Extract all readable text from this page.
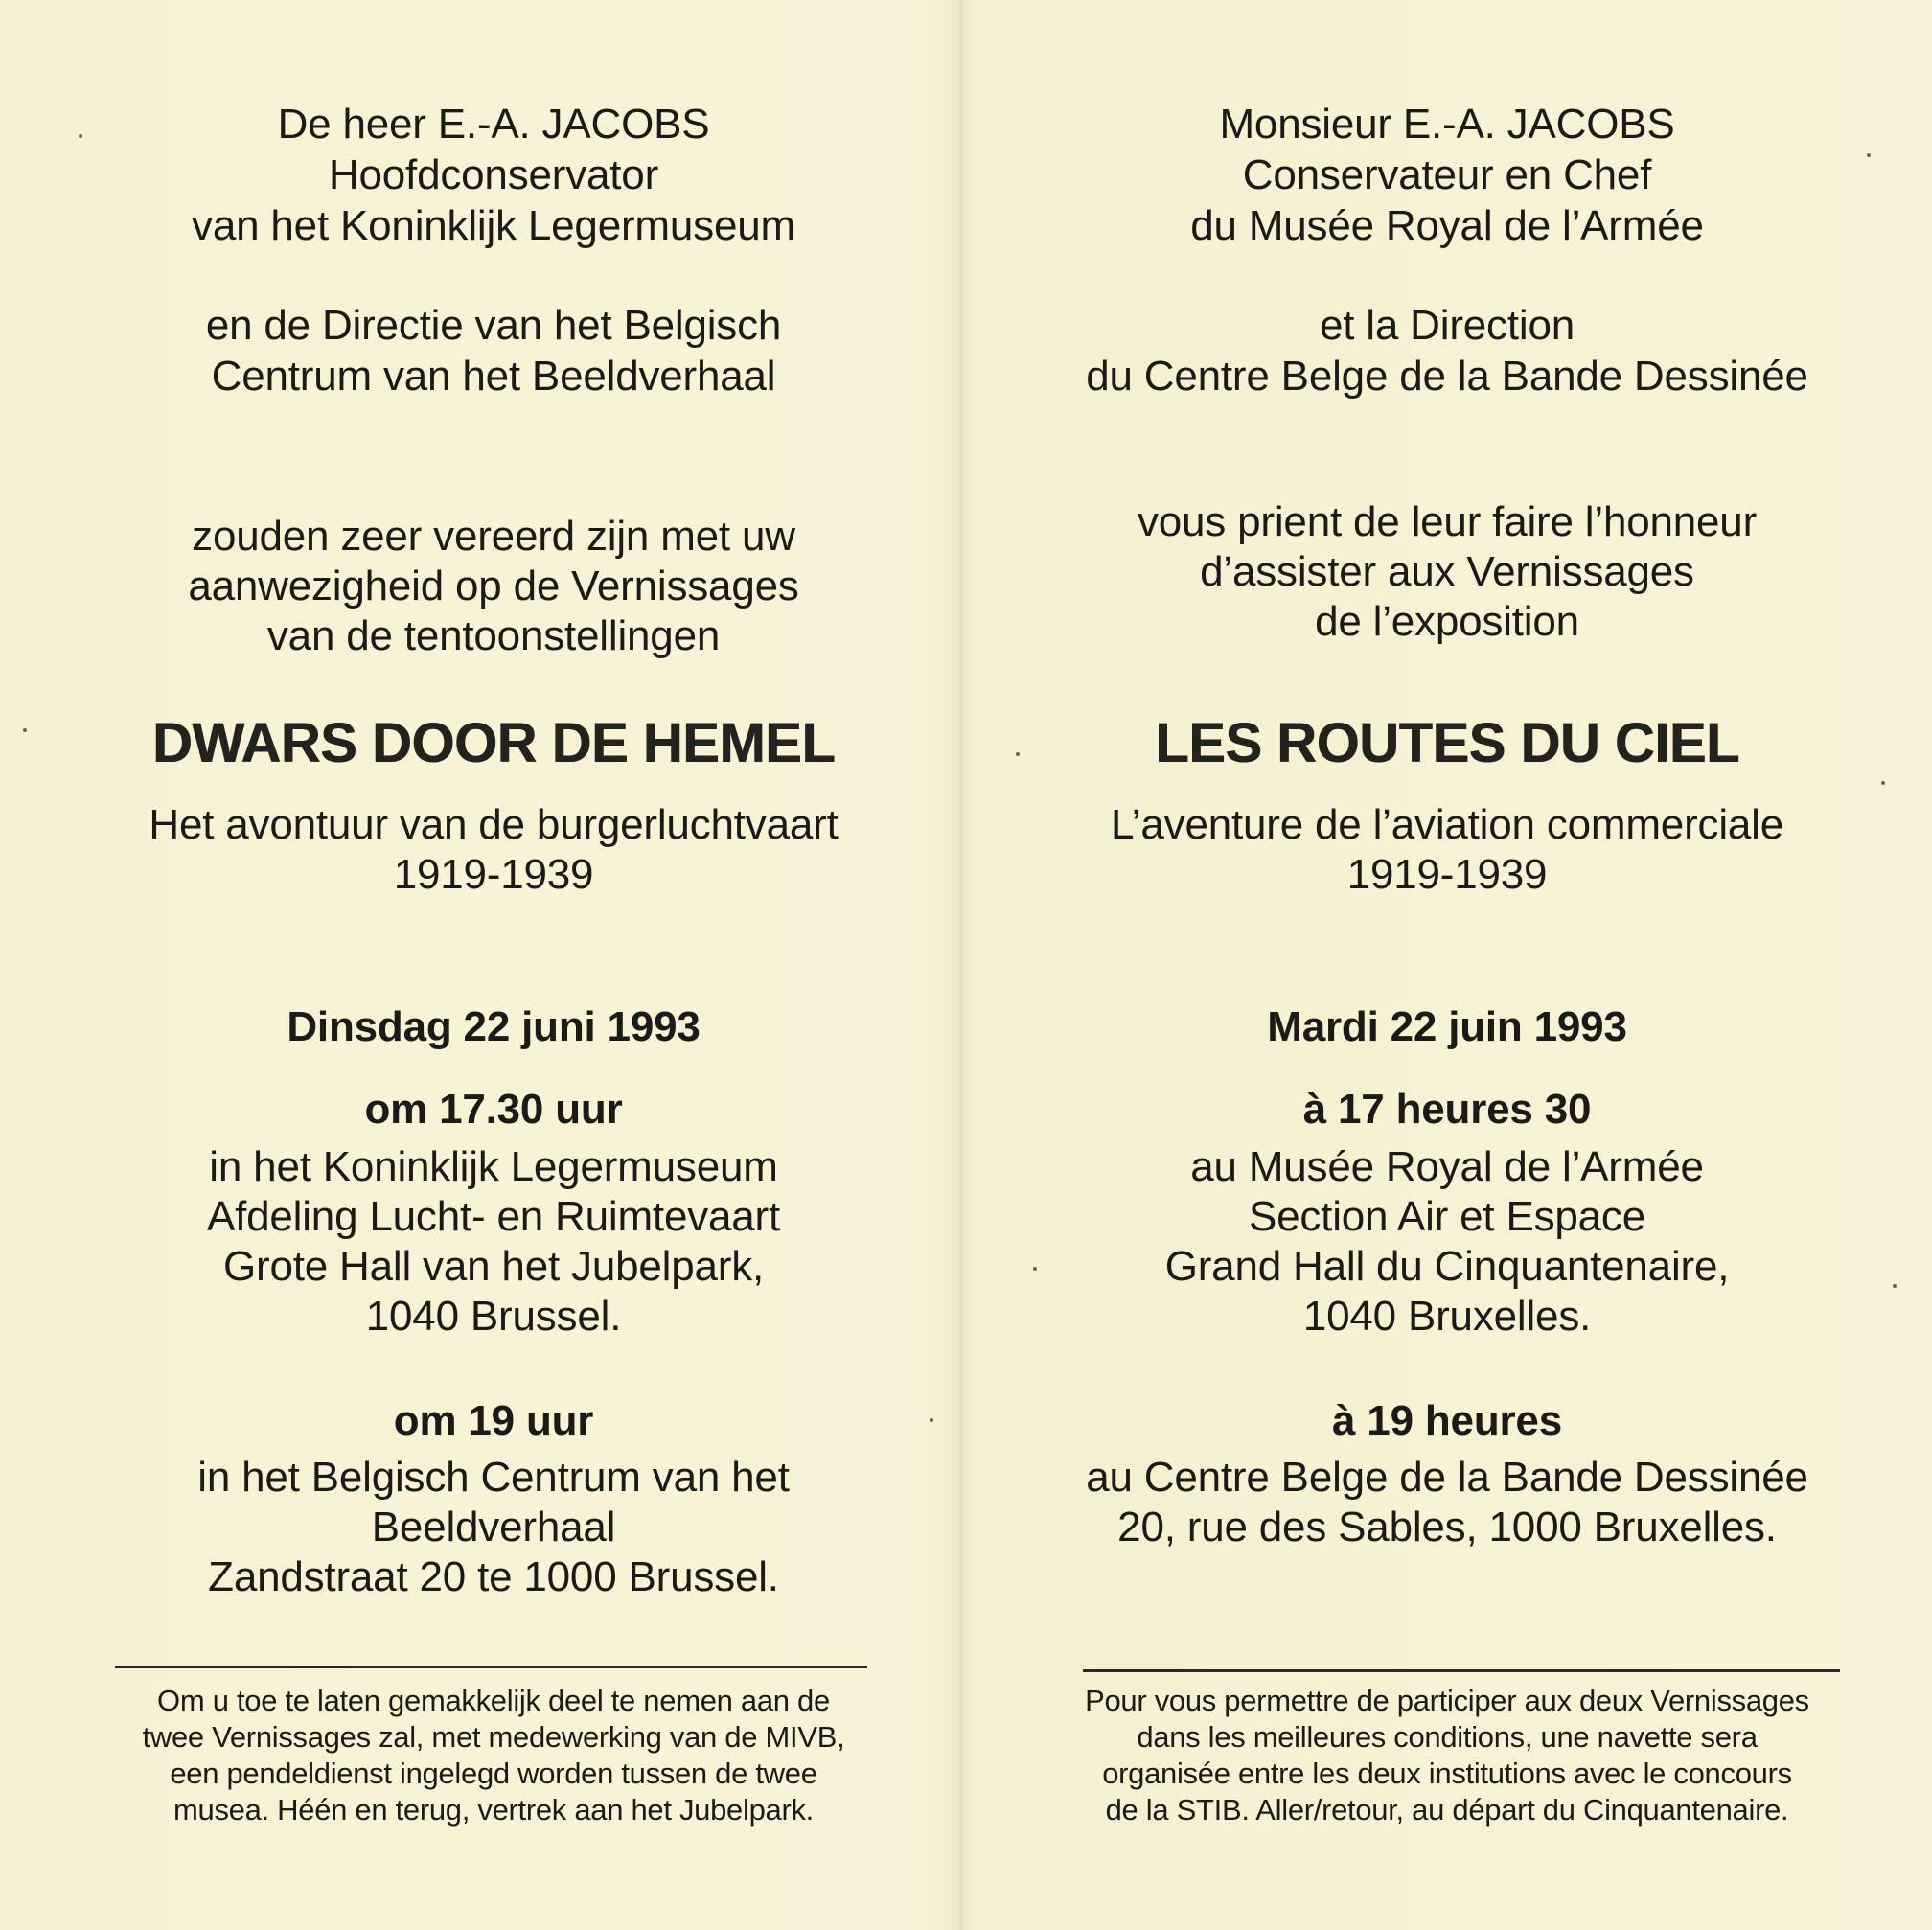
De heer E.-A. JACOBS
Hoofdconservator
van het Koninklijk Legermuseum
en de Directie van het Belgisch
Centrum van het Beeldverhaal
zouden zeer vereerd zijn met uw
aanwezigheid op de Vernissages
van de tentoonstellingen
DWARS DOOR DE HEMEL
Het avontuur van de burgerluchtvaart
1919-1939
Dinsdag 22 juni 1993
om 17.30 uur
in het Koninklijk Legermuseum
Afdeling Lucht- en Ruimtevaart
Grote Hall van het Jubelpark,
1040 Brussel.
om 19 uur
in het Belgisch Centrum van het
Beeldverhaal
Zandstraat 20 te 1000 Brussel.
Om u toe te laten gemakkelijk deel te nemen aan de
twee Vernissages zal, met medewerking van de MIVB,
een pendeldienst ingelegd worden tussen de twee
musea. Héén en terug, vertrek aan het Jubelpark.
Monsieur E.-A. JACOBS
Conservateur en Chef
du Musée Royal de l’Armée
et la Direction
du Centre Belge de la Bande Dessinée
vous prient de leur faire l’honneur
d’assister aux Vernissages
de l’exposition
LES ROUTES DU CIEL
L’aventure de l’aviation commerciale
1919-1939
Mardi 22 juin 1993
à 17 heures 30
au Musée Royal de l’Armée
Section Air et Espace
Grand Hall du Cinquantenaire,
1040 Bruxelles.
à 19 heures
au Centre Belge de la Bande Dessinée
20, rue des Sables, 1000 Bruxelles.
Pour vous permettre de participer aux deux Vernissages
dans les meilleures conditions, une navette sera
organisée entre les deux institutions avec le concours
de la STIB. Aller/retour, au départ du Cinquantenaire.
